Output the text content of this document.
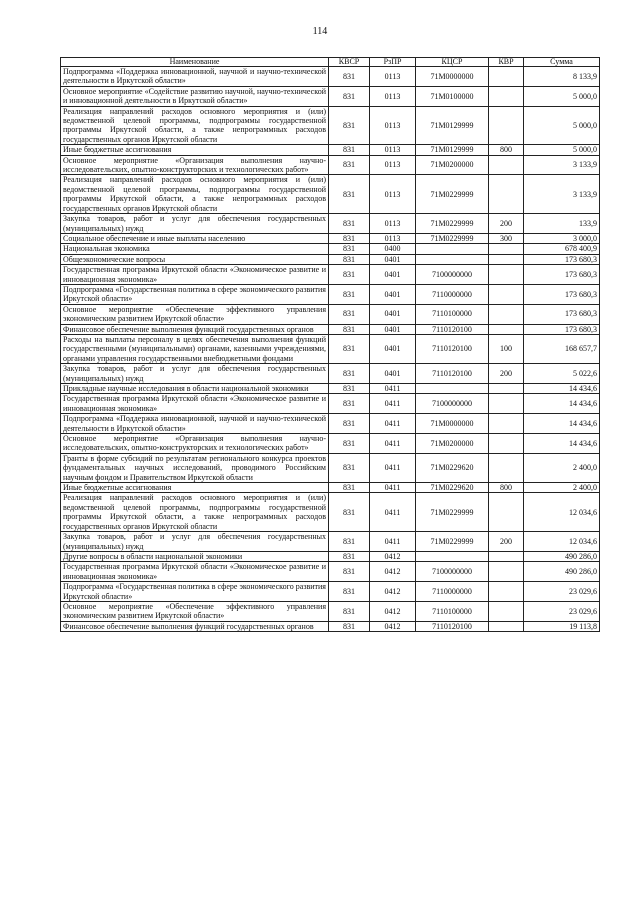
114
Наименование	КВСР	РзПР	КЦСР	КВР	Сумма
Подпрограмма «Поддержка инновационной, научной и научно-технической деятельности в Иркутской области»	831	0113	71М0000000		8 133,9
Основное мероприятие «Содействие развитию научной, научно-технической и инновационной деятельности в Иркутской области»	831	0113	71М0100000		5 000,0
Реализация направлений расходов основного мероприятия и (или) ведомственной целевой программы, подпрограммы государственной программы Иркутской области, а также непрограммных расходов государственных органов Иркутской области	831	0113	71М0129999		5 000,0
Иные бюджетные ассигнования	831	0113	71М0129999	800	5 000,0
Основное мероприятие «Организация выполнения научно-исследовательских, опытно-конструкторских и технологических работ»	831	0113	71М0200000		3 133,9
Реализация направлений расходов основного мероприятия и (или) ведомственной целевой программы, подпрограммы государственной программы Иркутской области, а также непрограммных расходов государственных органов Иркутской области	831	0113	71М0229999		3 133,9
Закупка товаров, работ и услуг для обеспечения государственных (муниципальных) нужд	831	0113	71М0229999	200	133,9
Социальное обеспечение и иные выплаты населению	831	0113	71М0229999	300	3 000,0
Национальная экономика	831	0400			678 400,9
Общеэкономические вопросы	831	0401			173 680,3
Государственная программа Иркутской области «Экономическое развитие и инновационная экономика»	831	0401	7100000000		173 680,3
Подпрограмма «Государственная политика в сфере экономического развития Иркутской области»	831	0401	7110000000		173 680,3
Основное мероприятие «Обеспечение эффективного управления экономическим развитием Иркутской области»	831	0401	7110100000		173 680,3
Финансовое обеспечение выполнения функций государственных органов	831	0401	7110120100		173 680,3
Расходы на выплаты персоналу в целях обеспечения выполнения функций государственными (муниципальными) органами, казенными учреждениями, органами управления государственными внебюджетными фондами	831	0401	7110120100	100	168 657,7
Закупка товаров, работ и услуг для обеспечения государственных (муниципальных) нужд	831	0401	7110120100	200	5 022,6
Прикладные научные исследования в области национальной экономики	831	0411			14 434,6
Государственная программа Иркутской области «Экономическое развитие и инновационная экономика»	831	0411	7100000000		14 434,6
Подпрограмма «Поддержка инновационной, научной и научно-технической деятельности в Иркутской области»	831	0411	71М0000000		14 434,6
Основное мероприятие «Организация выполнения научно-исследовательских, опытно-конструкторских и технологических работ»	831	0411	71М0200000		14 434,6
Гранты в форме субсидий по результатам регионального конкурса проектов фундаментальных научных исследований, проводимого Российским научным фондом и Правительством Иркутской области	831	0411	71М0229620		2 400,0
Иные бюджетные ассигнования	831	0411	71М0229620	800	2 400,0
Реализация направлений расходов основного мероприятия и (или) ведомственной целевой программы, подпрограммы государственной программы Иркутской области, а также непрограммных расходов государственных органов Иркутской области	831	0411	71М0229999		12 034,6
Закупка товаров, работ и услуг для обеспечения государственных (муниципальных) нужд	831	0411	71М0229999	200	12 034,6
Другие вопросы в области национальной экономики	831	0412			490 286,0
Государственная программа Иркутской области «Экономическое развитие и инновационная экономика»	831	0412	7100000000		490 286,0
Подпрограмма «Государственная политика в сфере экономического развития Иркутской области»	831	0412	7110000000		23 029,6
Основное мероприятие «Обеспечение эффективного управления экономическим развитием Иркутской области»	831	0412	7110100000		23 029,6
Финансовое обеспечение выполнения функций государственных органов	831	0412	7110120100		19 113,8
